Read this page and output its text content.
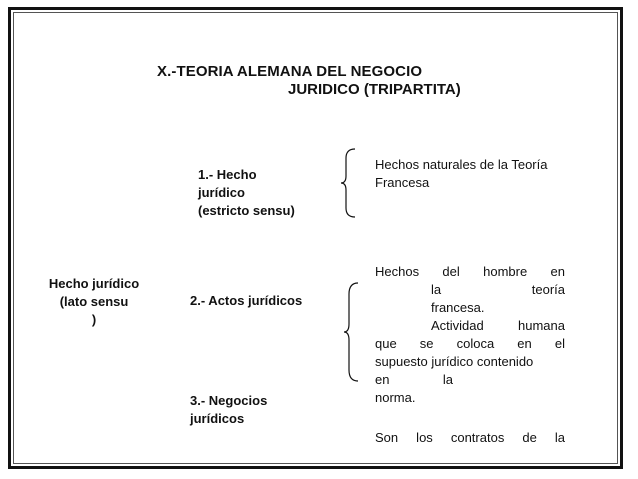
X.-TEORIA ALEMANA DEL NEGOCIO
JURIDICO (TRIPARTITA)
Hecho jurídico
(lato sensu
)
1.- Hecho
jurídico
(estricto sensu)
2.- Actos jurídicos
3.- Negocios
jurídicos
Hechos naturales de la Teoría
Francesa
Hechos del hombre en
la teoría
francesa.
Actividad humana
que se coloca en el
supuesto jurídico contenido
en la
norma.
Son los contratos de la
